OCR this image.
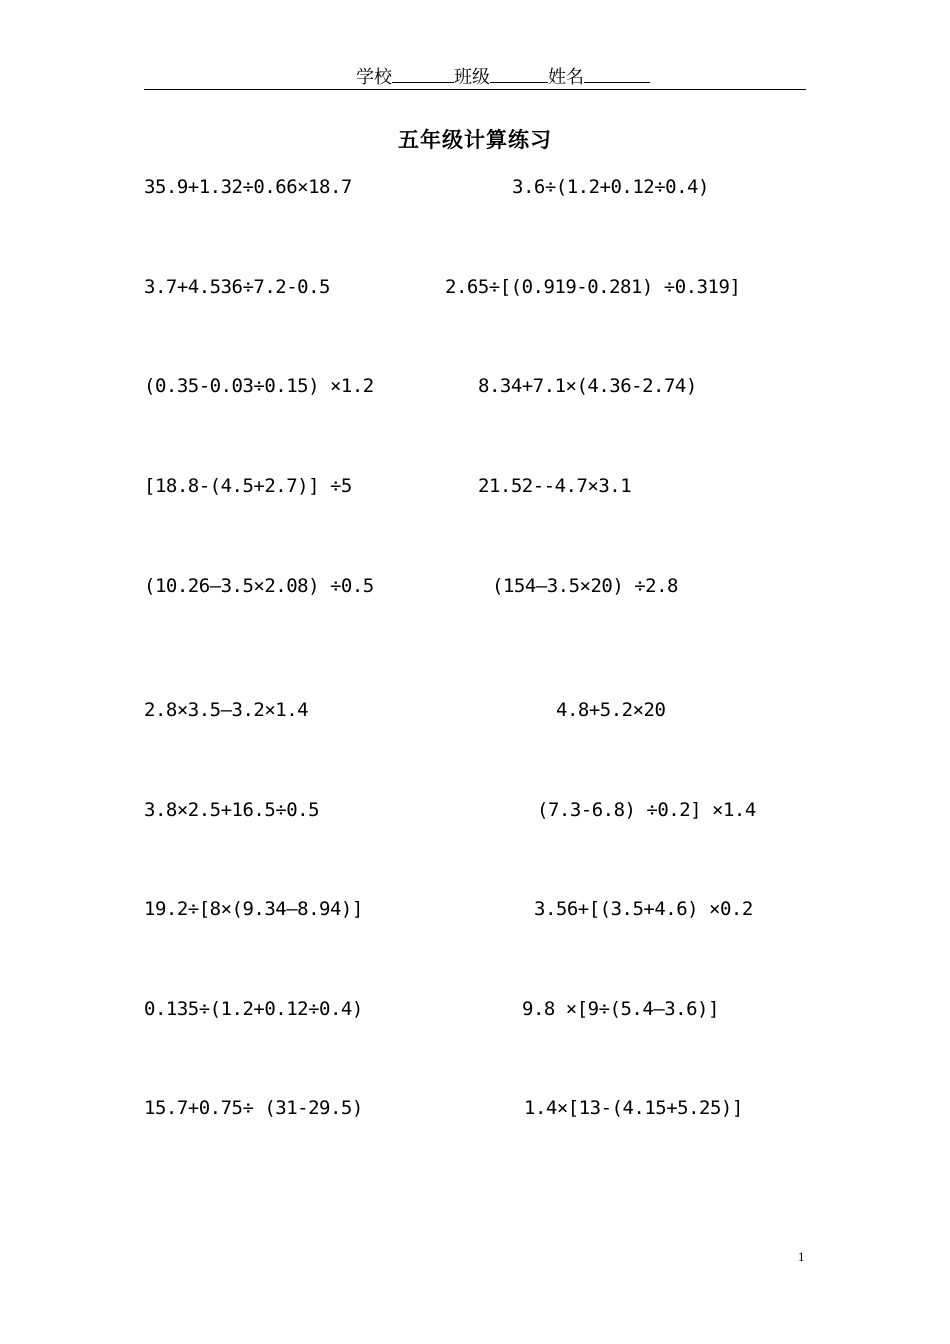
学校	班级	姓名
五年级计算练习
35.9+1.32÷0.66×18.7	3.6÷(1.2+0.12÷0.4)
3.7+4.536÷7.2-0.5	2.65÷[(0.919-0.281) ÷0.319]
(0.35-0.03÷0.15) ×1.2	8.34+7.1×(4.36-2.74)
[18.8-(4.5+2.7)] ÷5	21.52--4.7×3.1
(10.26—3.5×2.08) ÷0.5	(154—3.5×20) ÷2.8
2.8×3.5—3.2×1.4	4.8+5.2×20
3.8×2.5+16.5÷0.5	(7.3-6.8) ÷0.2] ×1.4
19.2÷[8×(9.34—8.94)]	3.56+[(3.5+4.6) ×0.2
0.135÷(1.2+0.12÷0.4)	9.8 ×[9÷(5.4—3.6)]
15.7+0.75÷ (31-29.5)	1.4×[13-(4.15+5.25)]
1
